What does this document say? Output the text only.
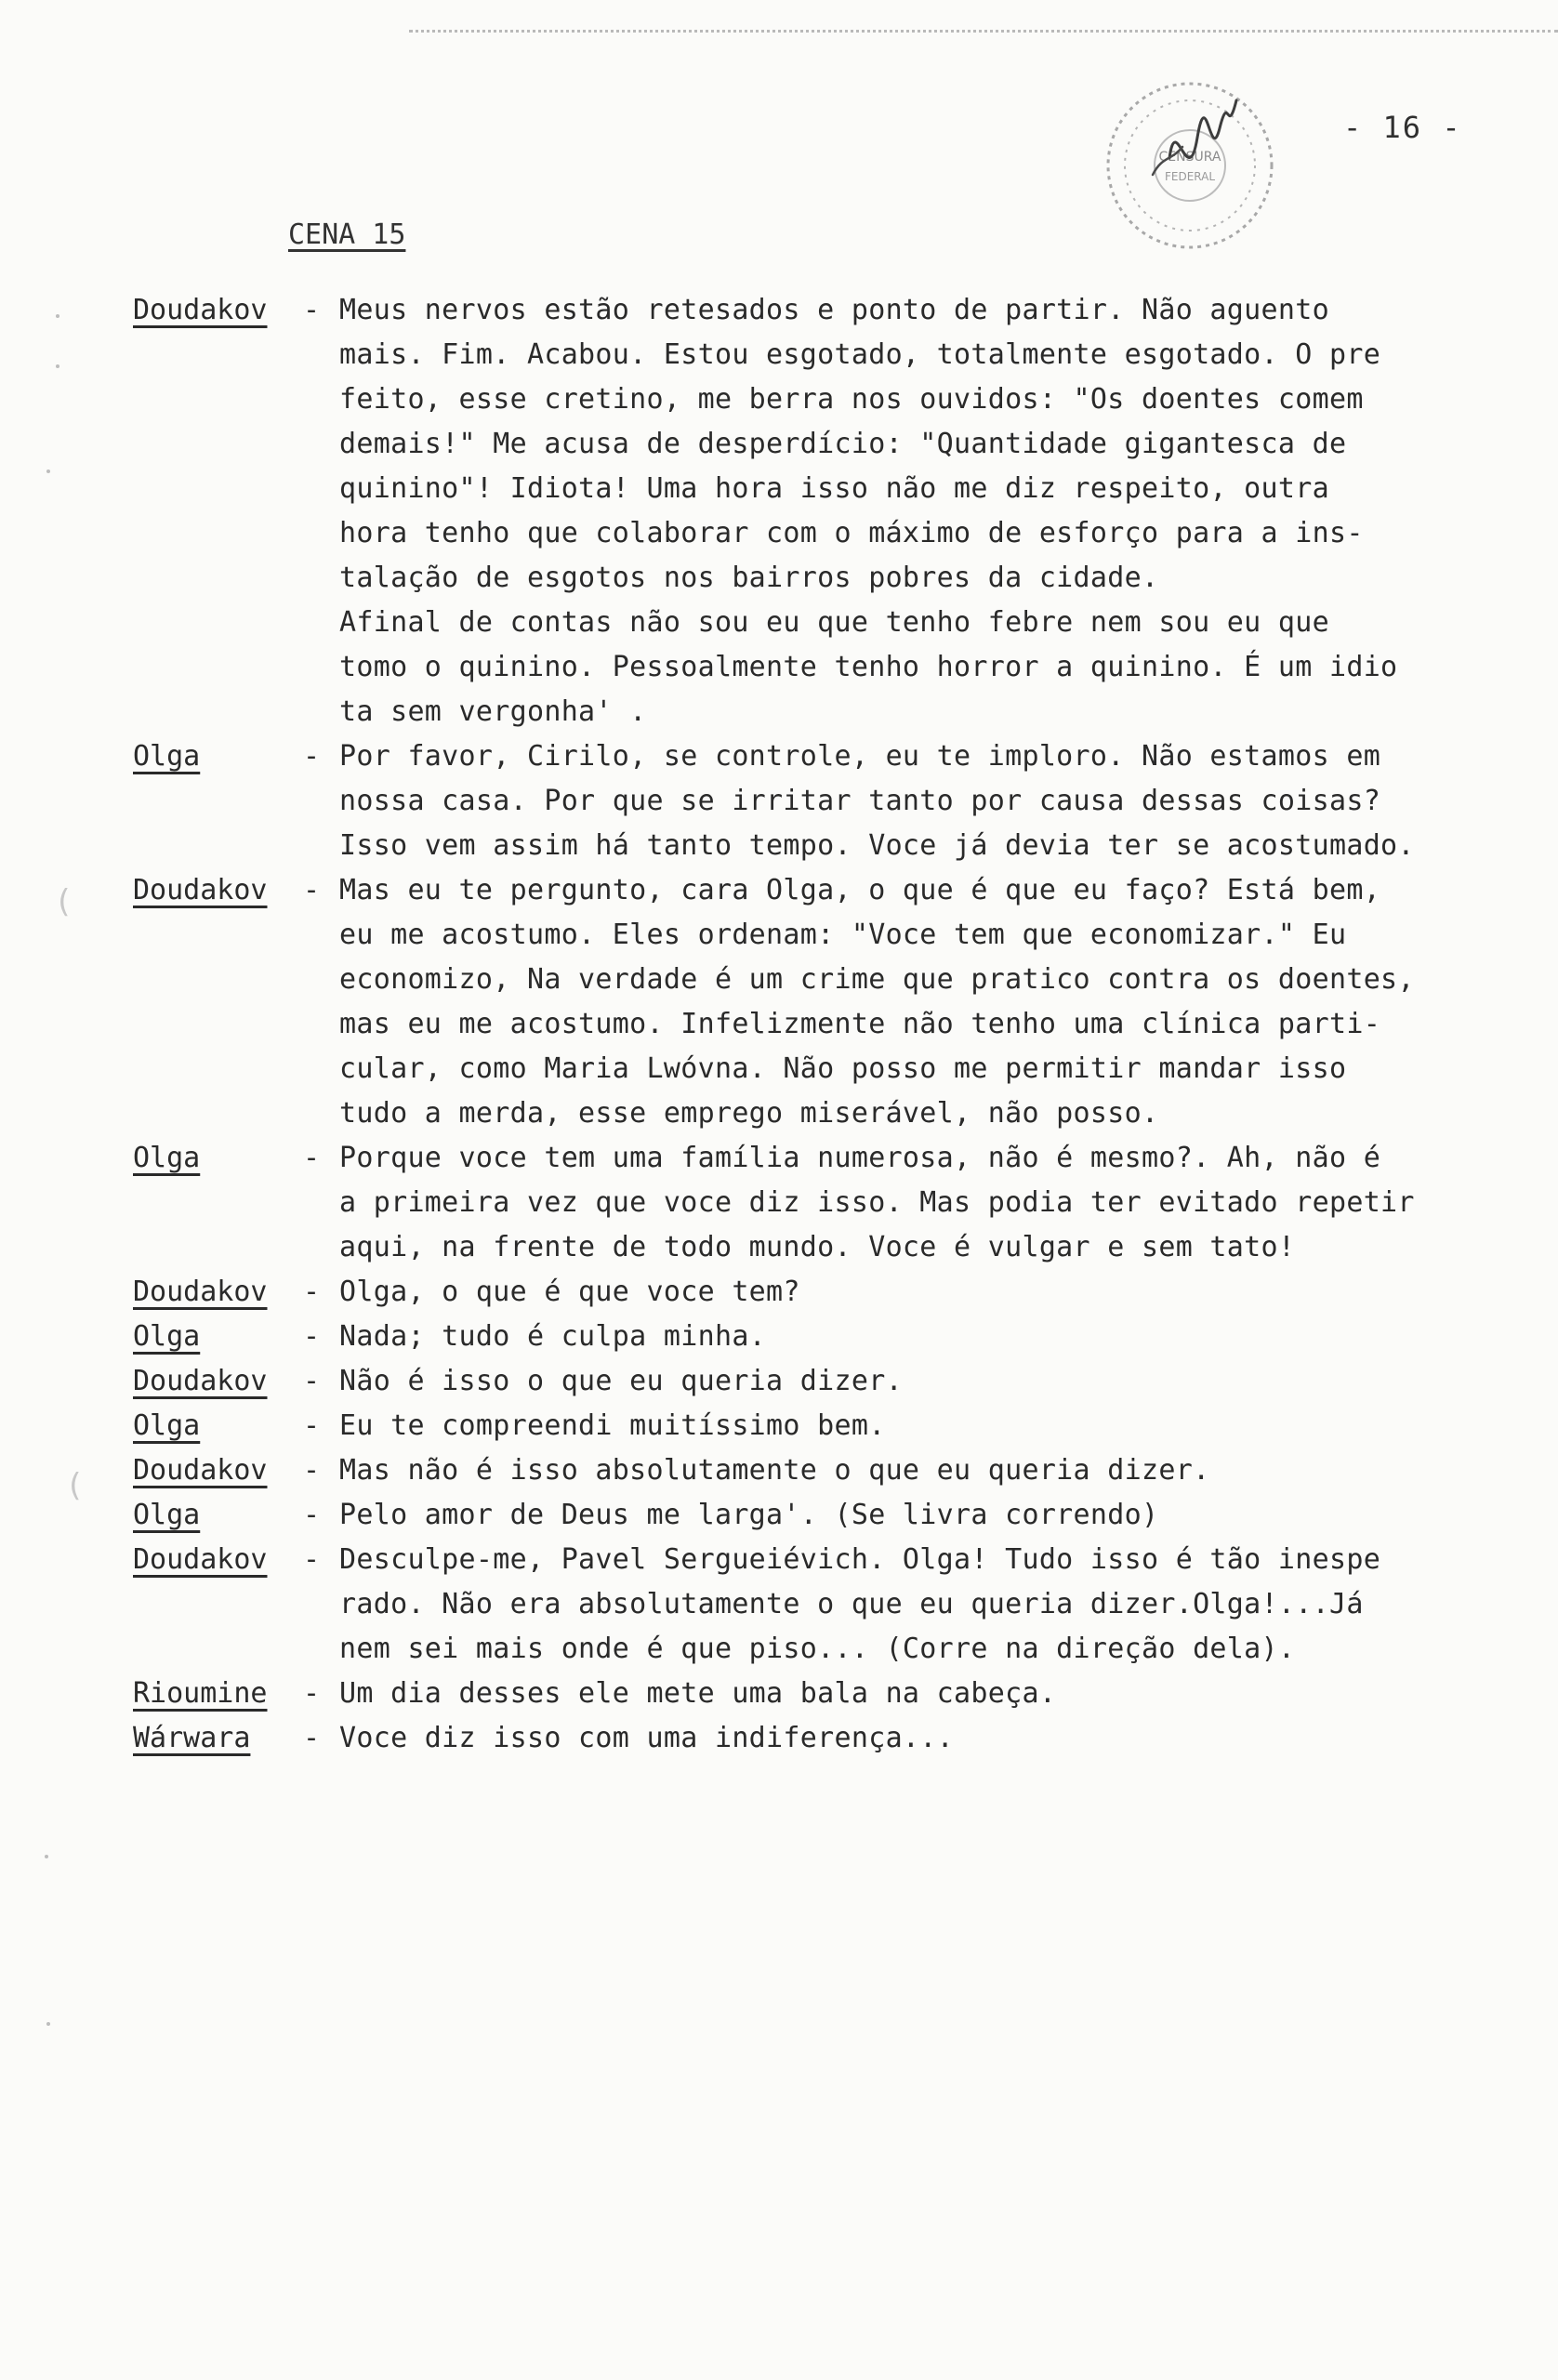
CENSURA
FEDERAL
- 16 -
CENA 15
Doudakov - Meus nervos estão retesados e ponto de partir. Não aguento
mais. Fim. Acabou. Estou esgotado, totalmente esgotado. O pre
feito, esse cretino, me berra nos ouvidos: "Os doentes comem
demais!" Me acusa de desperdício: "Quantidade gigantesca de
quinino"! Idiota! Uma hora isso não me diz respeito, outra
hora tenho que colaborar com o máximo de esforço para a ins-
talação de esgotos nos bairros pobres da cidade.
Afinal de contas não sou eu que tenho febre nem sou eu que
tomo o quinino. Pessoalmente tenho horror a quinino. É um idio
ta sem vergonha' .
Olga	- Por favor, Cirilo, se controle, eu te imploro. Não estamos em
nossa casa. Por que se irritar tanto por causa dessas coisas?
Isso vem assim há tanto tempo. Voce já devia ter se acostumado.
Doudakov - Mas eu te pergunto, cara Olga, o que é que eu faço? Está bem,
eu me acostumo. Eles ordenam: "Voce tem que economizar." Eu
economizo, Na verdade é um crime que pratico contra os doentes,
mas eu me acostumo. Infelizmente não tenho uma clínica parti-
cular, como Maria Lwóvna. Não posso me permitir mandar isso
tudo a merda, esse emprego miserável, não posso.
Olga	- Porque voce tem uma família numerosa, não é mesmo?. Ah, não é
a primeira vez que voce diz isso. Mas podia ter evitado repetir
aqui, na frente de todo mundo. Voce é vulgar e sem tato!
Doudakov - Olga, o que é que voce tem?
Olga	- Nada; tudo é culpa minha.
Doudakov - Não é isso o que eu queria dizer.
Olga	- Eu te compreendi muitíssimo bem.
Doudakov - Mas não é isso absolutamente o que eu queria dizer.
Olga	- Pelo amor de Deus me larga'. (Se livra correndo)
Doudakov - Desculpe-me, Pavel Sergueiévich. Olga! Tudo isso é tão inespe
rado. Não era absolutamente o que eu queria dizer.Olga!...Já
nem sei mais onde é que piso... (Corre na direção dela).
Rioumine - Um dia desses ele mete uma bala na cabeça.
Wárwara - Voce diz isso com uma indiferença...
(
(
